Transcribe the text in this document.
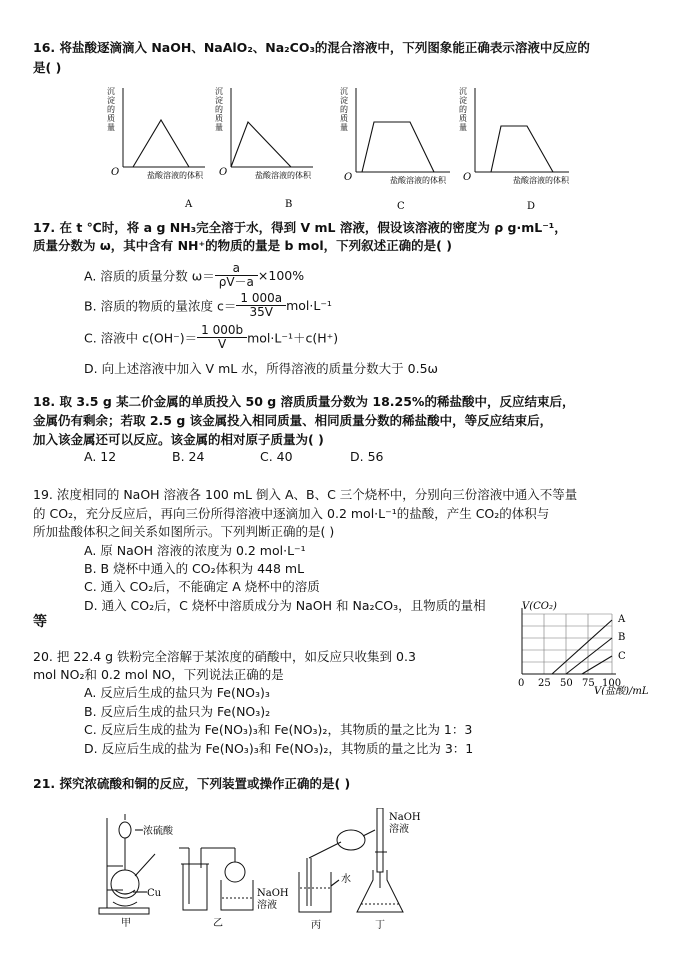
16. 将盐酸逐滴滴入 NaOH、NaAlO₂、Na₂CO₃的混合溶液中，下列图象能正确表示溶液中反应的
是( )
沉
淀
的
质
量
O	盐酸溶液的体积
沉
淀
的
质
量
O	盐酸溶液的体积
沉
淀
的
质
量
O	盐酸溶液的体积
沉
淀
的
质
量
O	盐酸溶液的体积
A	B	C	D
17. 在 t ℃时，将 a g NH₃完全溶于水，得到 V mL 溶液，假设该溶液的密度为 ρ g·mL⁻¹，
质量分数为 ω，其中含有 NH⁺的物质的量是 b mol，下列叙述正确的是( )
A. 溶质的质量分数 $\omega= \frac{a}{\rho V-a} \times 100\%$
B. 溶质的物质的量浓度 $c= \frac{1 000a}{35V} mol\cdot L^{-1}$
C. 溶液中 $c(OH^-)= \frac{1 000b}{V} mol\cdot L^{-1}+c(H^+)$
D. 向上述溶液中加入 V mL 水，所得溶液的质量分数大于 0.5ω
18. 取 3.5 g 某二价金属的单质投入 50 g 溶质质量分数为 18.25%的稀盐酸中，反应结束后，
金属仍有剩余；若取 2.5 g 该金属投入相同质量、相同质量分数的稀盐酸中，等反应结束后，
加入该金属还可以反应。该金属的相对原子质量为( )
A. 12	B. 24	C. 40	D. 56
19. 浓度相同的 NaOH 溶液各 100 mL 倒入 A、B、C 三个烧杯中，分别向三份溶液中通入不等量
的 CO₂，充分反应后，再向三份所得溶液中逐滴加入 0.2 mol·L⁻¹的盐酸，产生 CO₂的体积与
所加盐酸体积之间关系如图所示。下列判断正确的是( )
A. 原 NaOH 溶液的浓度为 0.2 mol·L⁻¹
B. B 烧杯中通入的 CO₂体积为 448 mL
C. 通入 CO₂后，不能确定 A 烧杯中的溶质
D. 通入 CO₂后，C 烧杯中溶质成分为 NaOH 和 Na₂CO₃，且物质的量相
等
V(CO₂)
A
B
C
0 25 50 75 100
V(盐酸)/mL
20. 把 22.4 g 铁粉完全溶解于某浓度的硝酸中，如反应只收集到 0.3
mol NO₂和 0.2 mol NO，下列说法正确的是
A. 反应后生成的盐只为 Fe(NO₃)₃
B. 反应后生成的盐只为 Fe(NO₃)₂
C. 反应后生成的盐为 Fe(NO₃)₃和 Fe(NO₃)₂，其物质的量之比为 1：3
D. 反应后生成的盐为 Fe(NO₃)₃和 Fe(NO₃)₂，其物质的量之比为 3：1
21. 探究浓硫酸和铜的反应，下列装置或操作正确的是( )
浓硫酸
Cu
甲
NaOH
溶液
乙
水
丙
NaOH
溶液
丁
